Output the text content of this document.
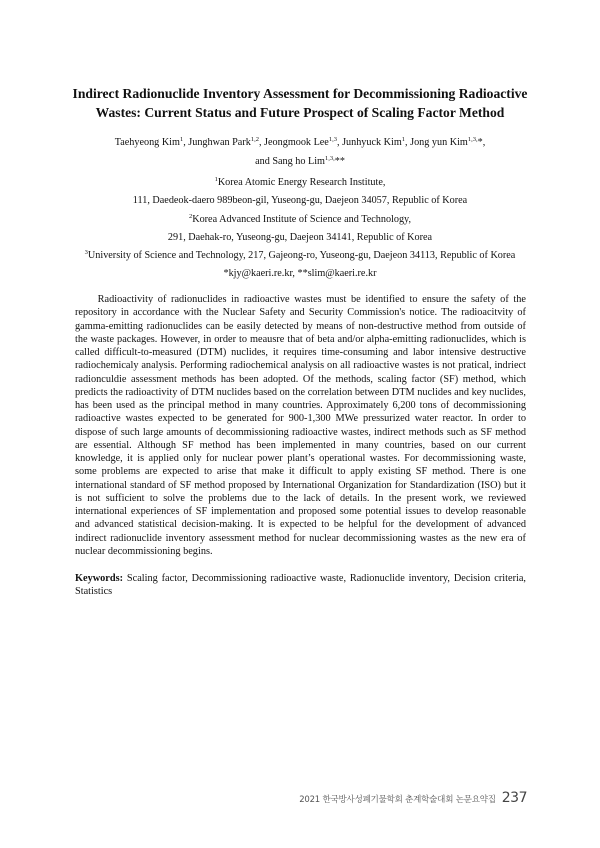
Indirect Radionuclide Inventory Assessment for Decommissioning Radioactive
Wastes: Current Status and Future Prospect of Scaling Factor Method
Taehyeong Kim$^1$, Junghwan Park$^{1,2}$, Jeongmook Lee$^{1,3}$, Junhyuck Kim$^1$, Jong yun Kim$^{1,3,}$*,
and Sang ho Lim$^{1,3,}$**
$^1$Korea Atomic Energy Research Institute,
111, Daedeok-daero 989beon-gil, Yuseong-gu, Daejeon 34057, Republic of Korea
$^2$Korea Advanced Institute of Science and Technology,
291, Daehak-ro, Yuseong-gu, Daejeon 34141, Republic of Korea
$^3$University of Science and Technology, 217, Gajeong-ro, Yuseong-gu, Daejeon 34113, Republic of Korea
*kjy@kaeri.re.kr, **slim@kaeri.re.kr

Radioactivity of radionuclides in radioactive wastes must be identified to ensure the safety of the repository in accordance with the Nuclear Safety and Security Commission's notice. The radioacitvity of gamma-emitting radionuclides can be easily detected by means of non-destructive method from outside of the waste packages. However, in order to meausre that of beta and/or alpha-emitting radionuclides, which is called difficult-to-measured (DTM) nuclides, it requires time-consuming and labor intensive destructive radiochemicaly analysis. Performing radiochemical analysis on all radioactive wastes is not pratical, indriect radionculdie assessment methods has been adopted. Of the methods, scaling factor (SF) method, which predicts the radioactivity of DTM nuclides based on the correlation between DTM nuclides and key nuclides, has been used as the principal method in many countries. Approximately 6,200 tons of decommissioning radioactive wastes expected to be generated for 900-1,300 MWe pressurized water reactor. In order to dispose of such large amounts of decommissioning radioactive wastes, indirect methods such as SF method are essential. Although SF method has been implemented in many countries, based on our current knowledge, it is applied only for nuclear power plant’s operational wastes. For decommissioning waste, some problems are expected to arise that make it difficult to apply existing SF method. There is one international standard of SF method proposed by International Organization for Standardization (ISO) but it is not sufficient to solve the problems due to the lack of details. In the present work, we reviewed international experiences of SF implementation and proposed some potential issues to develop reasonable and advanced statistical decision-making. It is expected to be helpful for the development of advanced indirect radionuclide inventory assessment method for nuclear decommissioning wastes as the new era of nuclear decommissioning begins.

Keywords: Scaling factor, Decommissioning radioactive waste, Radionuclide inventory, Decision criteria, Statistics

2021 한국방사성폐기물학회 춘계학술대회 논문요약집 237
